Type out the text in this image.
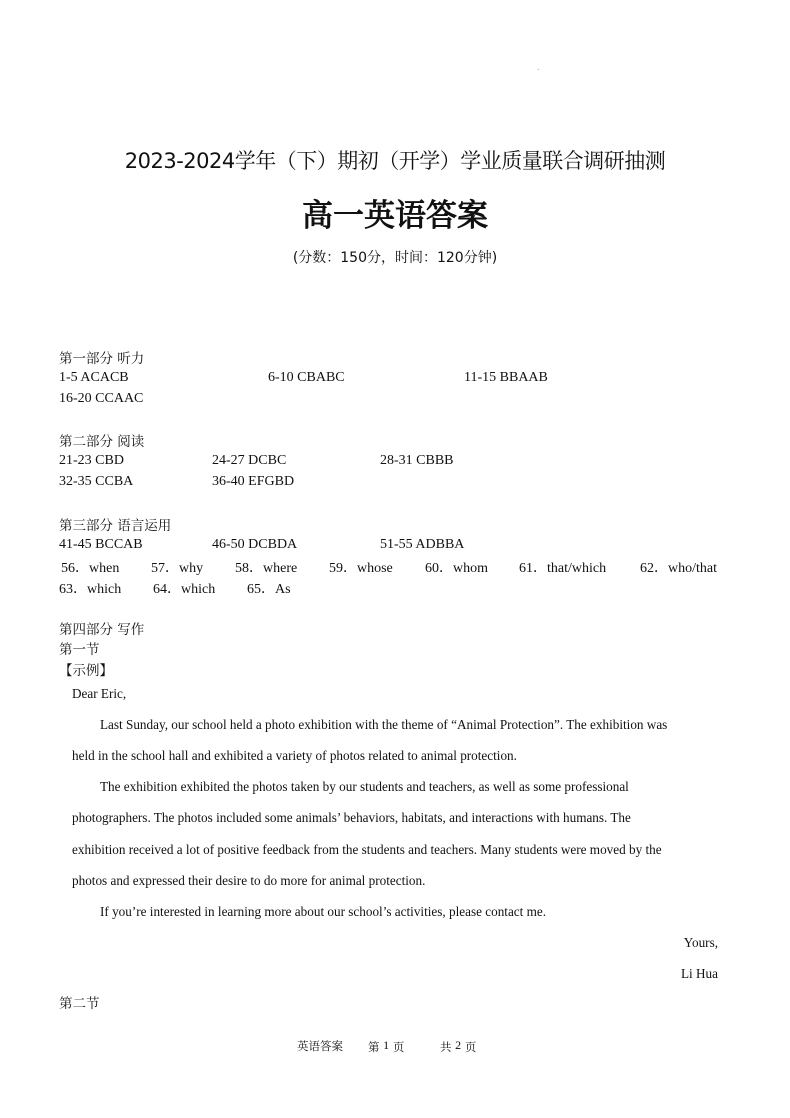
.
2023-2024学年（下）期初（开学）学业质量联合调研抽测
高一英语答案
(分数：150分，时间：120分钟)
第一部分 听力
1-5 ACACB	6-10 CBABC	11-15 BBAAB
16-20 CCAAC
第二部分 阅读
21-23 CBD	24-27 DCBC	28-31 CBBB
32-35 CCBA	36-40 EFGBD
第三部分 语言运用
41-45 BCCAB	46-50 DCBDA	51-55 ADBBA
56．when 57．why 58．where 59．whose 60．whom 61．that/which 62．who/that
63．which 64．which 65．As
第四部分 写作
第一节
【示例】
Dear Eric,
Last Sunday, our school held a photo exhibition with the theme of “Animal Protection”. The exhibition was
held in the school hall and exhibited a variety of photos related to animal protection.
The exhibition exhibited the photos taken by our students and teachers, as well as some professional
photographers. The photos included some animals’ behaviors, habitats, and interactions with humans. The
exhibition received a lot of positive feedback from the students and teachers. Many students were moved by the
photos and expressed their desire to do more for animal protection.
If you’re interested in learning more about our school’s activities, please contact me.
Yours,
Li Hua
第二节
英语答案 第 1 页	共 2 页
